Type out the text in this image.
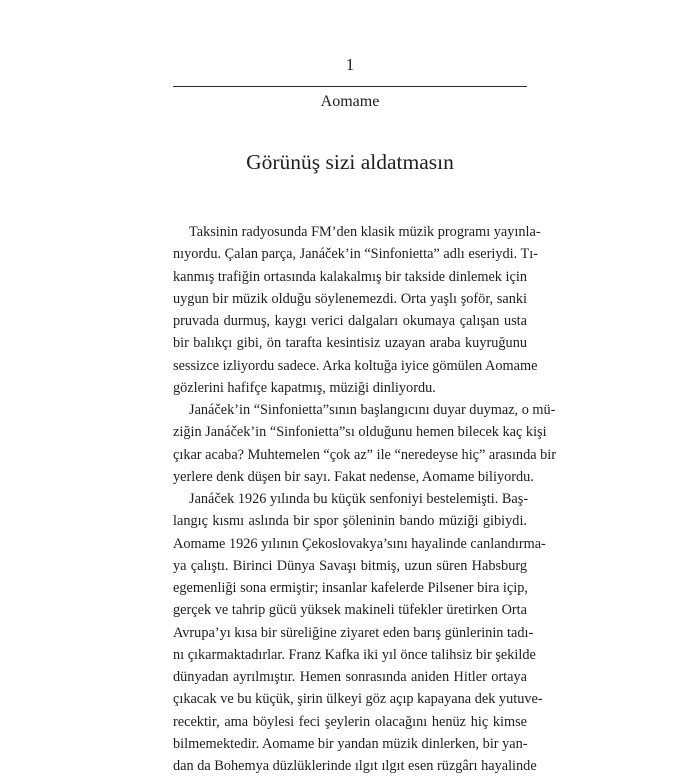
1
Aomame
Görünüş sizi aldatmasın
Taksinin radyosunda FM’den klasik müzik programı yayınla-
nıyordu. Çalan parça, Janáček’in “Sinfonietta” adlı eseriydi. Tı-
kanmış trafiğin ortasında kalakalmış bir takside dinlemek için
uygun bir müzik olduğu söylenemezdi. Orta yaşlı şoför, sanki
pruvada durmuş, kaygı verici dalgaları okumaya çalışan usta
bir balıkçı gibi, ön tarafta kesintisiz uzayan araba kuyruğunu
sessizce izliyordu sadece. Arka koltuğa iyice gömülen Aomame
gözlerini hafifçe kapatmış, müziği dinliyordu.
Janáček’in “Sinfonietta”sının başlangıcını duyar duymaz, o mü-
ziğin Janáček’in “Sinfonietta”sı olduğunu hemen bilecek kaç kişi
çıkar acaba? Muhtemelen “çok az” ile “neredeyse hiç” arasında bir
yerlere denk düşen bir sayı. Fakat nedense, Aomame biliyordu.
Janáček 1926 yılında bu küçük senfoniyi bestelemişti. Baş-
langıç kısmı aslında bir spor şöleninin bando müziği gibiydi.
Aomame 1926 yılının Çekoslovakya’sını hayalinde canlandırma-
ya çalıştı. Birinci Dünya Savaşı bitmiş, uzun süren Habsburg
egemenliği sona ermiştir; insanlar kafelerde Pilsener bira içip,
gerçek ve tahrip gücü yüksek makineli tüfekler üretirken Orta
Avrupa’yı kısa bir süreliğine ziyaret eden barış günlerinin tadı-
nı çıkarmaktadırlar. Franz Kafka iki yıl önce talihsiz bir şekilde
dünyadan ayrılmıştır. Hemen sonrasında aniden Hitler ortaya
çıkacak ve bu küçük, şirin ülkeyi göz açıp kapayana dek yutuve-
recektir, ama böylesi feci şeylerin olacağını henüz hiç kimse
bilmemektedir. Aomame bir yandan müzik dinlerken, bir yan-
dan da Bohemya düzlüklerinde ılgıt ılgıt esen rüzgârı hayalinde
